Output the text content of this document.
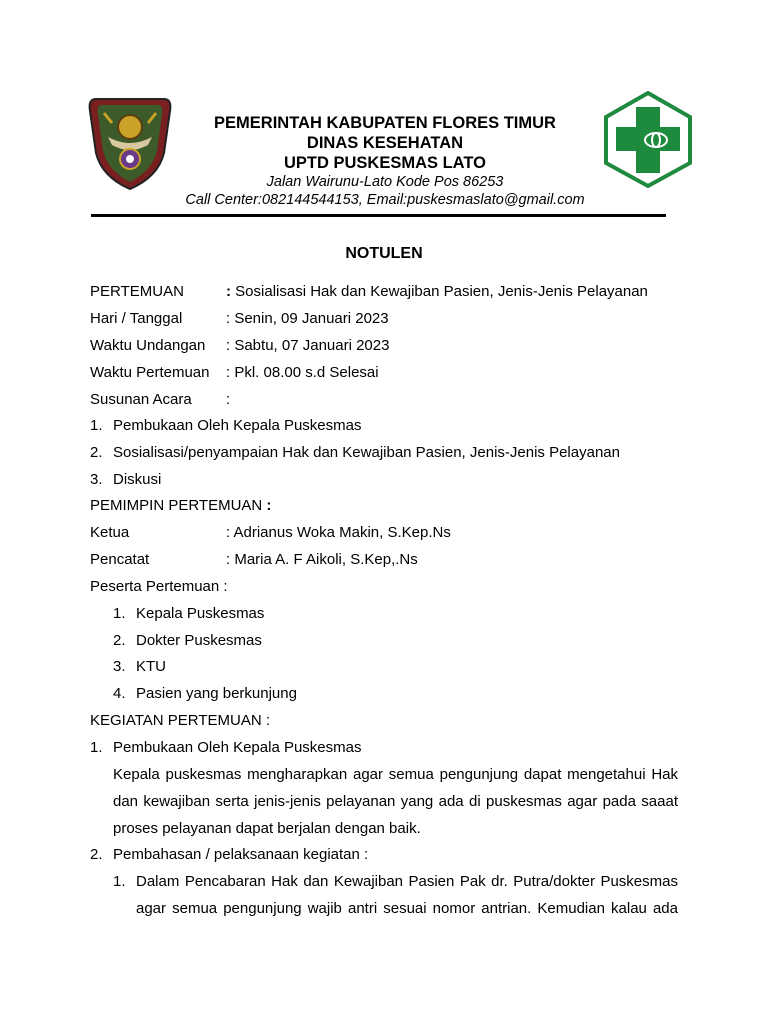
PEMERINTAH KABUPATEN FLORES TIMUR
DINAS KESEHATAN
UPTD PUSKESMAS LATO
Jalan Wairunu-Lato Kode Pos 86253
Call Center:082144544153, Email:puskesmaslato@gmail.com
NOTULEN
PERTEMUAN	: Sosialisasi Hak dan Kewajiban Pasien, Jenis-Jenis Pelayanan
Hari / Tanggal	: Senin, 09 Januari 2023
Waktu Undangan : Sabtu, 07 Januari 2023
Waktu Pertemuan : Pkl. 08.00 s.d Selesai
Susunan Acara :
1. Pembukaan Oleh Kepala Puskesmas
2. Sosialisasi/penyampaian Hak dan Kewajiban Pasien, Jenis-Jenis Pelayanan
3. Diskusi
PEMIMPIN PERTEMUAN :
Ketua	: Adrianus Woka Makin, S.Kep.Ns
Pencatat	: Maria A. F Aikoli, S.Kep,.Ns
Peserta Pertemuan :
1. Kepala Puskesmas
2. Dokter Puskesmas
3. KTU
4. Pasien yang berkunjung
KEGIATAN PERTEMUAN :
1. Pembukaan Oleh Kepala Puskesmas
Kepala puskesmas mengharapkan agar semua pengunjung dapat mengetahui Hak
dan kewajiban serta jenis-jenis pelayanan yang ada di puskesmas agar pada saaat
proses pelayanan dapat berjalan dengan baik.
2. Pembahasan / pelaksanaan kegiatan :
1. Dalam Pencabaran Hak dan Kewajiban Pasien Pak dr. Putra/dokter Puskesmas
agar semua pengunjung wajib antri sesuai nomor antrian. Kemudian kalau ada
